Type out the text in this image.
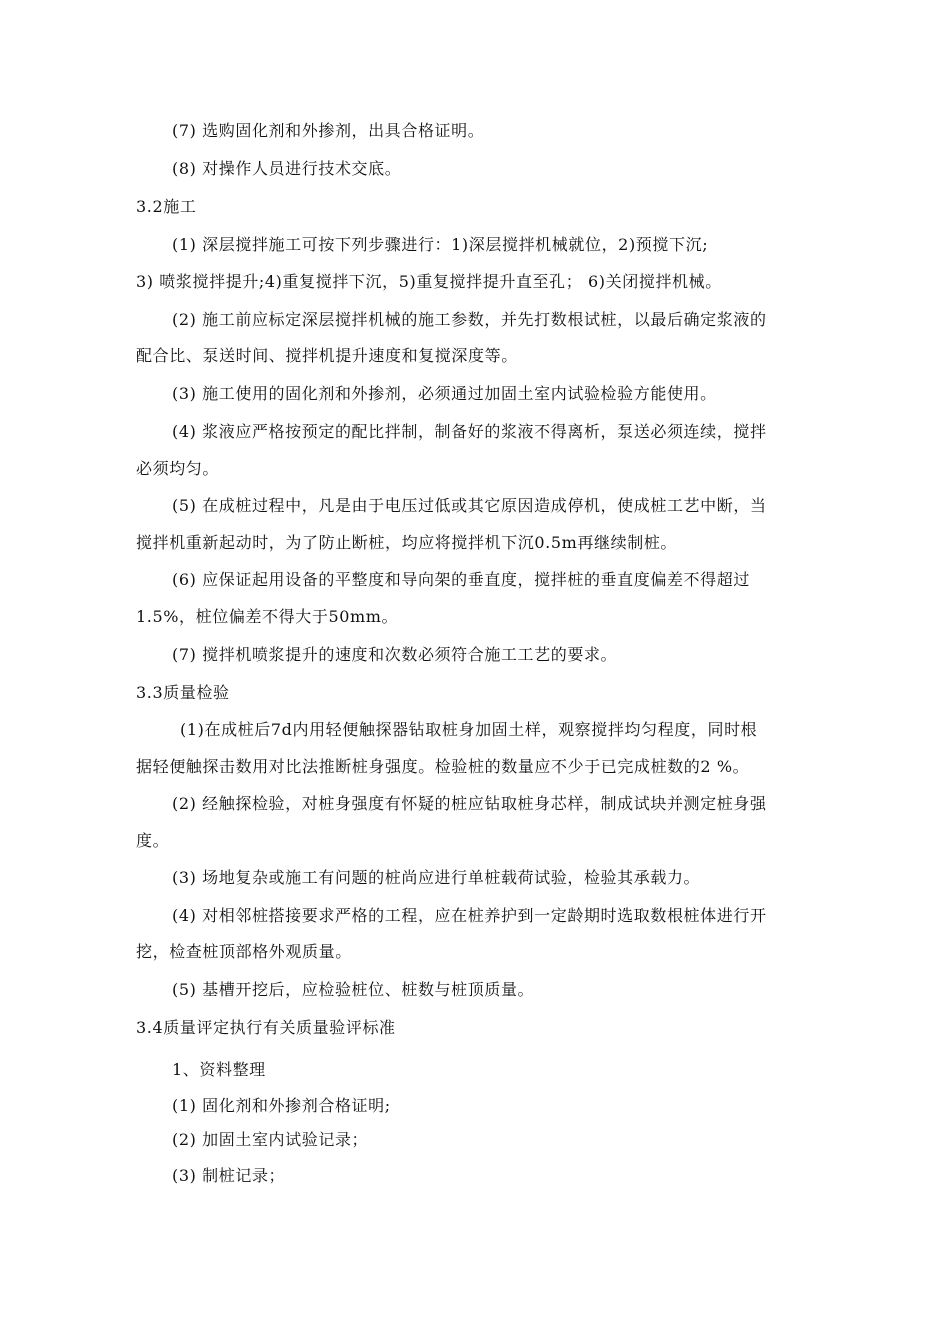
(7) 选购固化剂和外掺剂，出具合格证明。
(8) 对操作人员进行技术交底。
3.2施工
(1) 深层搅拌施工可按下列步骤进行：1)深层搅拌机械就位，2)预搅下沉;
3) 喷浆搅拌提升;4)重复搅拌下沉，5)重复搅拌提升直至孔； 6)关闭搅拌机械。
(2) 施工前应标定深层搅拌机械的施工参数，并先打数根试桩，以最后确定浆液的
配合比、泵送时间、搅拌机提升速度和复搅深度等。
(3) 施工使用的固化剂和外掺剂，必须通过加固土室内试验检验方能使用。
(4) 浆液应严格按预定的配比拌制，制备好的浆液不得离析，泵送必须连续，搅拌
必须均匀。
(5) 在成桩过程中，凡是由于电压过低或其它原因造成停机，使成桩工艺中断，当
搅拌机重新起动时，为了防止断桩，均应将搅拌机下沉0.5m再继续制桩。
(6) 应保证起用设备的平整度和导向架的垂直度，搅拌桩的垂直度偏差不得超过
1.5%，桩位偏差不得大于50mm。
(7) 搅拌机喷浆提升的速度和次数必须符合施工工艺的要求。
3.3质量检验
(1)在成桩后7d内用轻便触探器钻取桩身加固土样，观察搅拌均匀程度，同时根
据轻便触探击数用对比法推断桩身强度。检验桩的数量应不少于已完成桩数的2 %。
(2) 经触探检验，对桩身强度有怀疑的桩应钻取桩身芯样，制成试块并测定桩身强
度。
(3) 场地复杂或施工有问题的桩尚应进行单桩载荷试验，检验其承载力。
(4) 对相邻桩搭接要求严格的工程，应在桩养护到一定龄期时选取数根桩体进行开
挖，检查桩顶部格外观质量。
(5) 基槽开挖后，应检验桩位、桩数与桩顶质量。
3.4质量评定执行有关质量验评标准
1、资料整理
(1) 固化剂和外掺剂合格证明;
(2) 加固土室内试验记录；
(3) 制桩记录；
